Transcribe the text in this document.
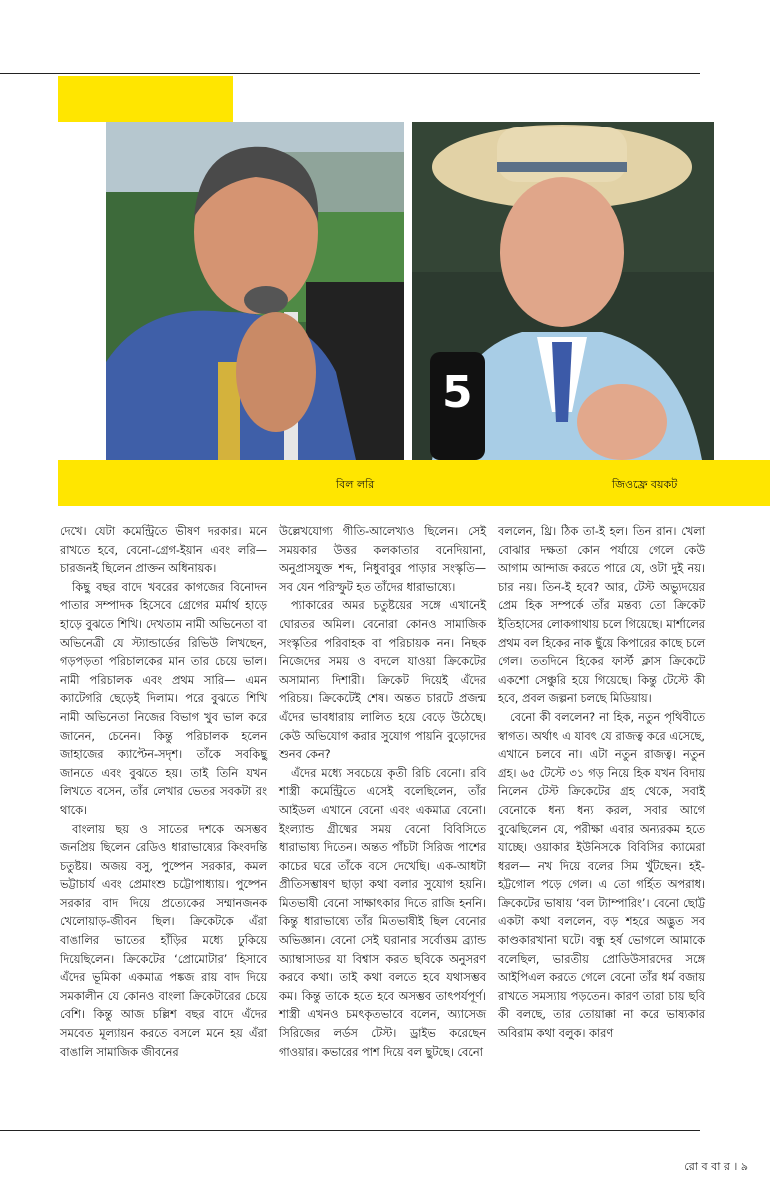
5
বিল লরি	জিওফ্রে বয়কট

দেখে। যেটা কমেন্ট্রিতে ভীষণ দরকার। মনে রাখতে হবে, বেনো-গ্রেগ-ইয়ান এবং লরি— চারজনই ছিলেন প্রাক্তন অধিনায়ক।

কিছু বছর বাদে খবরের কাগজের বিনোদন পাতার সম্পাদক হিসেবে গ্রেগের মর্মার্থ হাড়ে হাড়ে বুঝতে শিখি। দেখতাম নামী অভিনেতা বা অভিনেত্রী যে স্ট্যান্ডার্ডের রিভিউ লিখছেন, গড়পড়তা পরিচালকের মান তার চেয়ে ভাল। নামী পরিচালক এবং প্রথম সারি— এমন ক্যাটেগরি ছেড়েই দিলাম। পরে বুঝতে শিখি নামী অভিনেতা নিজের বিভাগ খুব ভাল করে জানেন, চেনেন। কিন্তু পরিচালক হলেন জাহাজের ক্যাপ্টেন-সদৃশ। তাঁকে সবকিছু জানতে এবং বুঝতে হয়। তাই তিনি যখন লিখতে বসেন, তাঁর লেখার ভেতর সবকটা রং থাকে।

বাংলায় ছয় ও সাতের দশকে অসম্ভব জনপ্রিয় ছিলেন রেডিও ধারাভাষ্যের কিংবদন্তি চতুষ্টয়। অজয় বসু, পুষ্পেন সরকার, কমল ভট্টাচার্য এবং প্রেমাংশু চট্টোপাধ্যায়। পুষ্পেন সরকার বাদ দিয়ে প্রত্যেকের সম্মানজনক খেলোয়াড়-জীবন ছিল। ক্রিকেটকে এঁরা বাঙালির ভাতের হাঁড়ির মধ্যে ঢুকিয়ে দিয়েছিলেন। ক্রিকেটের ‘প্রোমোটার’ হিসাবে এঁদের ভূমিকা একমাত্র পঙ্কজ রায় বাদ দিয়ে সমকালীন যে কোনও বাংলা ক্রিকেটারের চেয়ে বেশি। কিন্তু আজ চল্লিশ বছর বাদে এঁদের সমবেত মূল্যায়ন করতে বসলে মনে হয় এঁরা বাঙালি সামাজিক জীবনের

উল্লেখযোগ্য গীতি-আলেখ্যও ছিলেন। সেই সময়কার উত্তর কলকাতার বনেদিয়ানা, অনুপ্রাসযুক্ত শব্দ, নিধুবাবুর পাড়ার সংস্কৃতি— সব যেন পরিস্ফুট হত তাঁদের ধারাভাষ্যে।

প্যাকারের অমর চতুষ্টয়ের সঙ্গে এখানেই ঘোরতর অমিল। বেনোরা কোনও সামাজিক সংস্কৃতির পরিবাহক বা পরিচায়ক নন। নিছক নিজেদের সময় ও বদলে যাওয়া ক্রিকেটের অসামান্য দিশারী। ক্রিকেট দিয়েই এঁদের পরিচয়। ক্রিকেটেই শেষ। অন্তত চারটে প্রজন্ম এঁদের ভাবধারায় লালিত হয়ে বেড়ে উঠেছে। কেউ অভিযোগ করার সুযোগ পায়নি বুড়োদের শুনব কেন?

এঁদের মধ্যে সবচেয়ে কৃতী রিচি বেনো। রবি শাস্ত্রী কমেন্ট্রিতে এসেই বলেছিলেন, তাঁর আইডল এখানে বেনো এবং একমাত্র বেনো। ইংল্যান্ড গ্রীষ্মের সময় বেনো বিবিসিতে ধারাভাষ্য দিতেন। অন্তত পাঁচটা সিরিজ পাশের কাচের ঘরে তাঁকে বসে দেখেছি। এক-আধটা প্রীতিসম্ভাষণ ছাড়া কথা বলার সুযোগ হয়নি। মিতভাষী বেনো সাক্ষাৎকার দিতে রাজি হননি। কিন্তু ধারাভাষ্যে তাঁর মিতভাষীই ছিল বেনোর অভিজ্ঞান। বেনো সেই ঘরানার সর্বোত্তম ব্র্যান্ড অ্যাম্বাসাডর যা বিশ্বাস করত ছবিকে অনুসরণ করবে কথা। তাই কথা বলতে হবে যথাসম্ভব কম। কিন্তু তাকে হতে হবে অসম্ভব তাৎপর্যপূর্ণ। শাস্ত্রী এখনও চমৎকৃতভাবে বলেন, অ্যাসেজ সিরিজের লর্ডস টেস্ট। ড্রাইভ করেছেন গাওয়ার। কভারের পাশ দিয়ে বল ছুটছে। বেনো

বললেন, থ্রি। ঠিক তা-ই হল। তিন রান। খেলা বোঝার দক্ষতা কোন পর্যায়ে গেলে কেউ আগাম আন্দাজ করতে পারে যে, ওটা দুই নয়। চার নয়। তিন-ই হবে? আর, টেস্ট অভ্যুদয়ের প্রেম হিক সম্পর্কে তাঁর মন্তব্য তো ক্রিকেট ইতিহাসের লোকগাথায় চলে গিয়েছে। মার্শালের প্রথম বল হিকের নাক ছুঁয়ে কিপারের কাছে চলে গেল। ততদিনে হিকের ফার্স্ট ক্লাস ক্রিকেটে একশো সেঞ্চুরি হয়ে গিয়েছে। কিন্তু টেস্টে কী হবে, প্রবল জল্পনা চলছে মিডিয়ায়।

বেনো কী বললেন? না হিক, নতুন পৃথিবীতে স্বাগত। অর্থাৎ এ যাবৎ যে রাজত্ব করে এসেছে, এখানে চলবে না। এটা নতুন রাজত্ব। নতুন গ্রহ। ৬৫ টেস্টে ৩১ গড় নিয়ে হিক যখন বিদায় নিলেন টেস্ট ক্রিকেটের গ্রহ থেকে, সবাই বেনোকে ধন্য ধন্য করল, সবার আগে বুঝেছিলেন যে, পরীক্ষা এবার অন্যরকম হতে যাচ্ছে। ওয়াকার ইউনিসকে বিবিসির ক্যামেরা ধরল— নখ দিয়ে বলের সিম খুঁটছেন। হই-হট্টগোল পড়ে গেল। এ তো গর্হিত অপরাধ। ক্রিকেটের ভাষায় ‘বল ট্যাম্পারিং’। বেনো ছোট্ট একটা কথা বললেন, বড় শহরে অদ্ভুত সব কাণ্ডকারখানা ঘটে। বন্ধু হর্ষ ভোগলে আমাকে বলেছিল, ভারতীয় প্রোডিউসারদের সঙ্গে আইপিএল করতে গেলে বেনো তাঁর ধর্ম বজায় রাখতে সমস্যায় পড়তেন। কারণ তারা চায় ছবি কী বলছে, তার তোয়াক্কা না করে ভাষ্যকার অবিরাম কথা বলুক। কারণ

রো ব বা র । ৯
